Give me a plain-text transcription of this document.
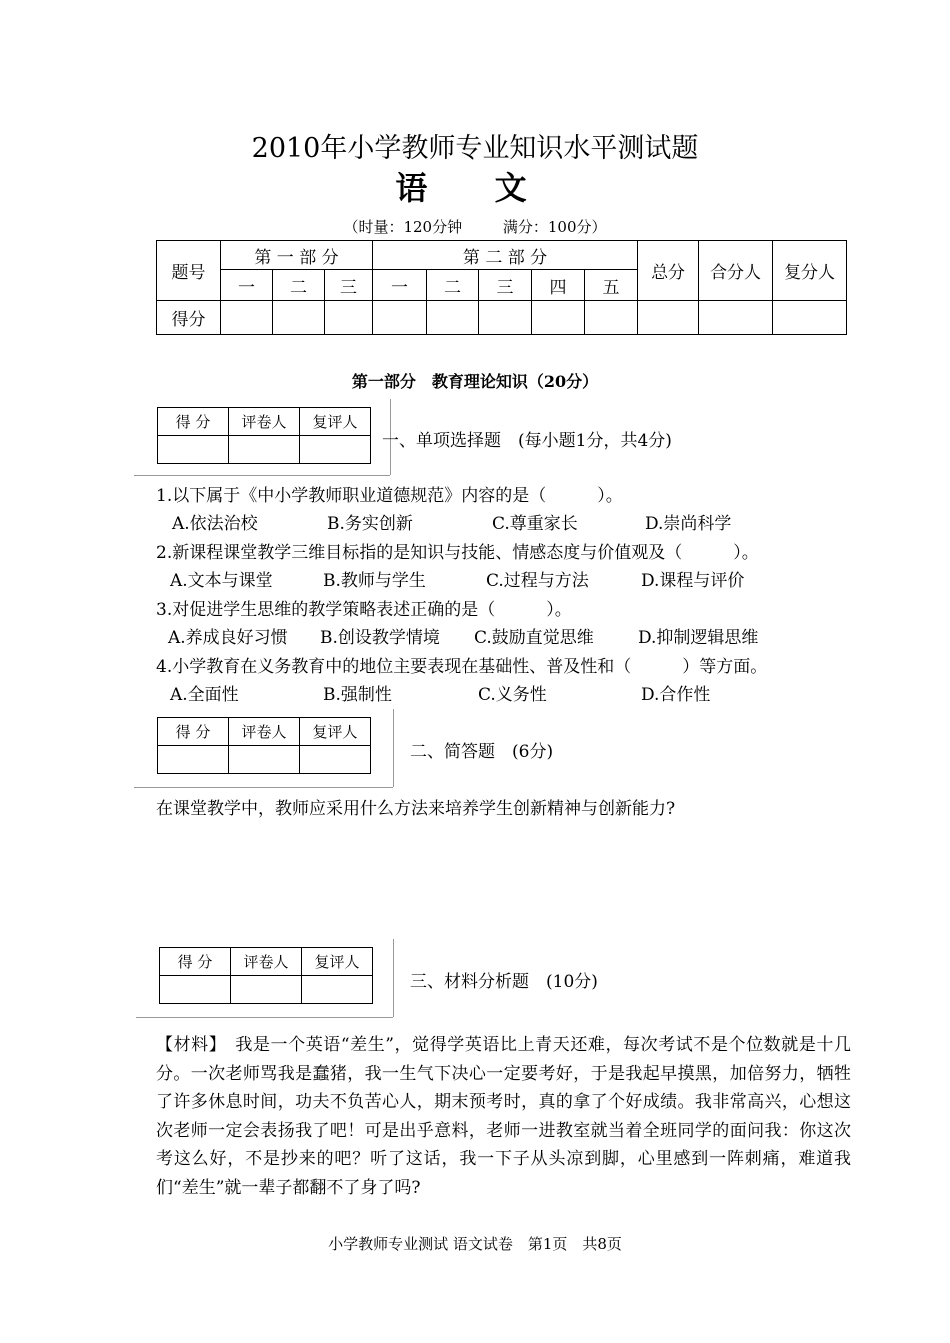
2010年小学教师专业知识水平测试题
语 文
（时量：120分钟	满分：100分）
题号	第 一 部 分			第 二 部 分					总分	合分人	复分人
	一	二	三	一	二	三	四	五			
得分											
第一部分　教育理论知识（20分）
得 分	评卷人	复评人

一、单项选择题　(每小题1分，共4分)
1.以下属于《中小学教师职业道德规范》内容的是（　　　）。
A.依法治校	B.务实创新	C.尊重家长	D.崇尚科学
2.新课程课堂教学三维目标指的是知识与技能、情感态度与价值观及（　　　）。
A.文本与课堂	B.教师与学生	C.过程与方法	D.课程与评价
3.对促进学生思维的教学策略表述正确的是（　　　）。
A.养成良好习惯 B.创设教学情境 C.鼓励直觉思维	D.抑制逻辑思维
4.小学教育在义务教育中的地位主要表现在基础性、普及性和（　　　）等方面。
A.全面性	B.强制性	C.义务性	D.合作性
得 分	评卷人	复评人

二、简答题　(6分)
在课堂教学中，教师应采用什么方法来培养学生创新精神与创新能力?
得 分	评卷人	复评人

三、材料分析题　(10分)
【材料】　我是一个英语“差生”，觉得学英语比上青天还难，每次考试不是个位数就是十几分。一次老师骂我是蠢猪，我一生气下决心一定要考好，于是我起早摸黑，加倍努力，牺牲了许多休息时间，功夫不负苦心人，期末预考时，真的拿了个好成绩。我非常高兴，心想这次老师一定会表扬我了吧！可是出乎意料，老师一进教室就当着全班同学的面问我：你这次考这么好，不是抄来的吧？听了这话，我一下子从头凉到脚，心里感到一阵刺痛，难道我们“差生”就一辈子都翻不了身了吗?
小学教师专业测试 语文试卷　第1页　共8页
